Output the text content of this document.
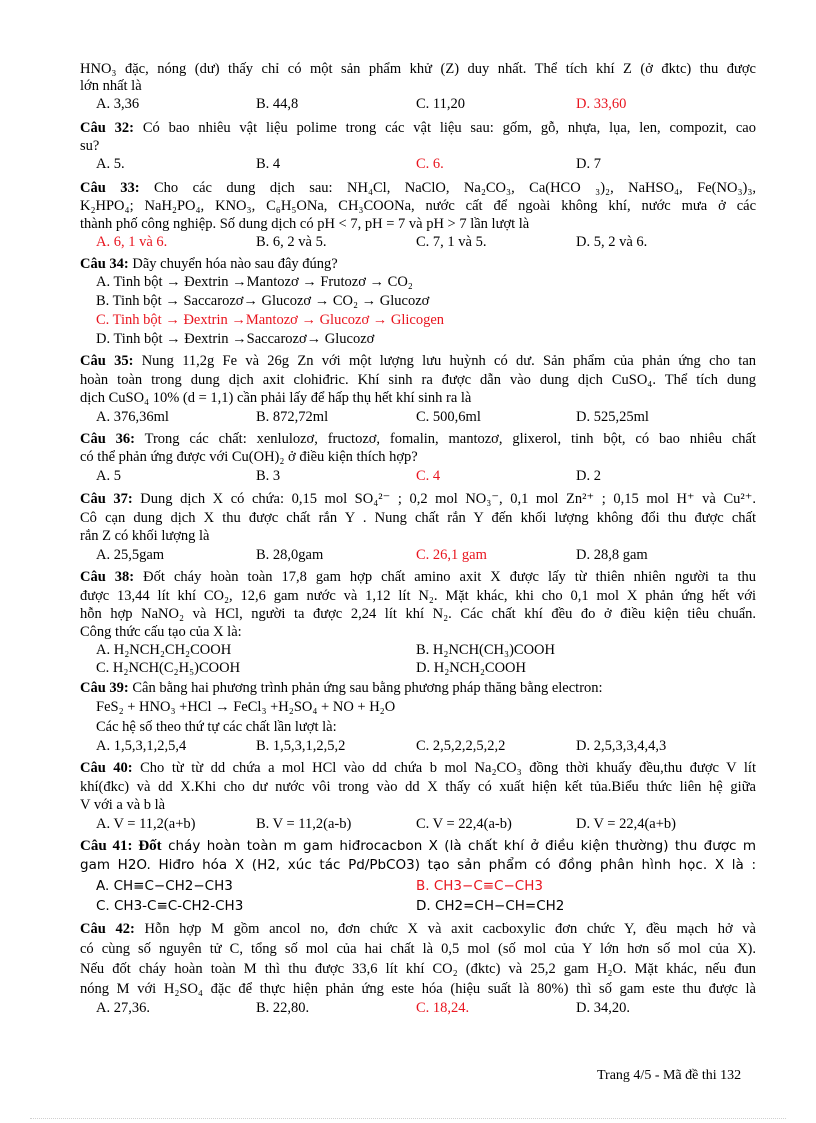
HNO₃ đặc, nóng (dư) thấy chỉ có một sản phẩm khử (Z) duy nhất. Thể tích khí Z (ở đktc) thu được
lớn nhất là
A. 3,36	B. 44,8	C. 11,20	D. 33,60
Câu 32: Có bao nhiêu vật liệu polime trong các vật liệu sau: gốm, gỗ, nhựa, lụa, len, compozit, cao
su?
A. 5.	B. 4	C. 6.	D. 7
Câu 33: Cho các dung dịch sau: NH₄Cl, NaClO, Na₂CO₃, Ca(HCO ₃)₂, NaHSO₄, Fe(NO₃)₃,
K₂HPO₄; NaH₂PO₄, KNO₃, C₆H₅ONa, CH₃COONa, nước cất để ngoài không khí, nước mưa ở các
thành phố công nghiệp. Số dung dịch có pH < 7, pH = 7 và pH > 7 lần lượt là
A. 6, 1 và 6.	B. 6, 2 và 5.	C. 7, 1 và 5.	D. 5, 2 và 6.
Câu 34: Dãy chuyển hóa nào sau đây đúng?
A. Tinh bột → Đextrin →Mantozơ → Frutozơ → CO₂
B. Tinh bột → Saccarozơ→ Glucozơ → CO₂ → Glucozơ
C. Tinh bột → Đextrin →Mantozơ → Glucozơ → Glicogen
D. Tinh bột → Đextrin →Saccarozơ→ Glucozơ
Câu 35: Nung 11,2g Fe và 26g Zn với một lượng lưu huỳnh có dư. Sản phẩm của phản ứng cho tan
hoàn toàn trong dung dịch axit clohiđric. Khí sinh ra được dẫn vào dung dịch CuSO₄. Thể tích dung
dịch CuSO₄ 10% (d = 1,1) cần phải lấy để hấp thụ hết khí sinh ra là
A. 376,36ml	B. 872,72ml	C. 500,6ml	D. 525,25ml
Câu 36: Trong các chất: xenlulozơ, fructozơ, fomalin, mantozơ, glixerol, tinh bột, có bao nhiêu chất
có thể phản ứng được với Cu(OH)₂ ở điều kiện thích hợp?
A. 5	B. 3	C. 4	D. 2
Câu 37: Dung dịch X có chứa: 0,15 mol SO₄²⁻ ; 0,2 mol NO₃⁻, 0,1 mol Zn²⁺ ; 0,15 mol H⁺ và Cu²⁺.
Cô cạn dung dịch X thu được chất rắn Y . Nung chất rắn Y đến khối lượng không đổi thu được chất
rắn Z có khối lượng là
A. 25,5gam	B. 28,0gam	C. 26,1 gam	D. 28,8 gam
Câu 38: Đốt cháy hoàn toàn 17,8 gam hợp chất amino axit X được lấy từ thiên nhiên người ta thu
được 13,44 lít khí CO₂, 12,6 gam nước và 1,12 lít N₂. Mặt khác, khi cho 0,1 mol X phản ứng hết với
hỗn hợp NaNO₂ và HCl, người ta được 2,24 lít khí N₂. Các chất khí đều đo ở điều kiện tiêu chuẩn.
Công thức cấu tạo của X là:
A. H₂NCH₂CH₂COOH	B. H₂NCH(CH₃)COOH
C. H₂NCH(C₂H₅)COOH	D. H₂NCH₂COOH
Câu 39: Cân bằng hai phương trình phản ứng sau bằng phương pháp thăng bằng electron:
FeS₂ + HNO₃ +HCl → FeCl₃ +H₂SO₄ + NO + H₂O
Các hệ số theo thứ tự các chất lần lượt là:
A. 1,5,3,1,2,5,4	B. 1,5,3,1,2,5,2	C. 2,5,2,2,5,2,2	D. 2,5,3,3,4,4,3
Câu 40: Cho từ từ dd chứa a mol HCl vào dd chứa b mol Na₂CO₃ đồng thời khuấy đều,thu được V lít
khí(đkc) và dd X.Khi cho dư nước vôi trong vào dd X thấy có xuất hiện kết tủa.Biểu thức liên hệ giữa
V với a và b là
A. V = 11,2(a+b)	B. V = 11,2(a-b)	C. V = 22,4(a-b)	D. V = 22,4(a+b)
Câu 41: Đốt cháy hoàn toàn m gam hiđrocacbon X (là chất khí ở điều kiện thường) thu được m
gam H2O. Hiđro hóa X (H2, xúc tác Pd/PbCO3) tạo sản phẩm có đồng phân hình học. X là :
A. CH≡C−CH2−CH3	B. CH3−C≡C−CH3
C. CH3-C≡C-CH2-CH3	D. CH2=CH−CH=CH2
Câu 42: Hỗn hợp M gồm ancol no, đơn chức X và axit cacboxylic đơn chức Y, đều mạch hở và
có cùng số nguyên tử C, tổng số mol của hai chất là 0,5 mol (số mol của Y lớn hơn số mol của X).
Nếu đốt cháy hoàn toàn M thì thu được 33,6 lít khí CO₂ (đktc) và 25,2 gam H₂O. Mặt khác, nếu đun
nóng M với H₂SO₄ đặc để thực hiện phản ứng este hóa (hiệu suất là 80%) thì số gam este thu được là
A. 27,36.	B. 22,80.	C. 18,24.	D. 34,20.
Trang 4/5 - Mã đề thi 132
